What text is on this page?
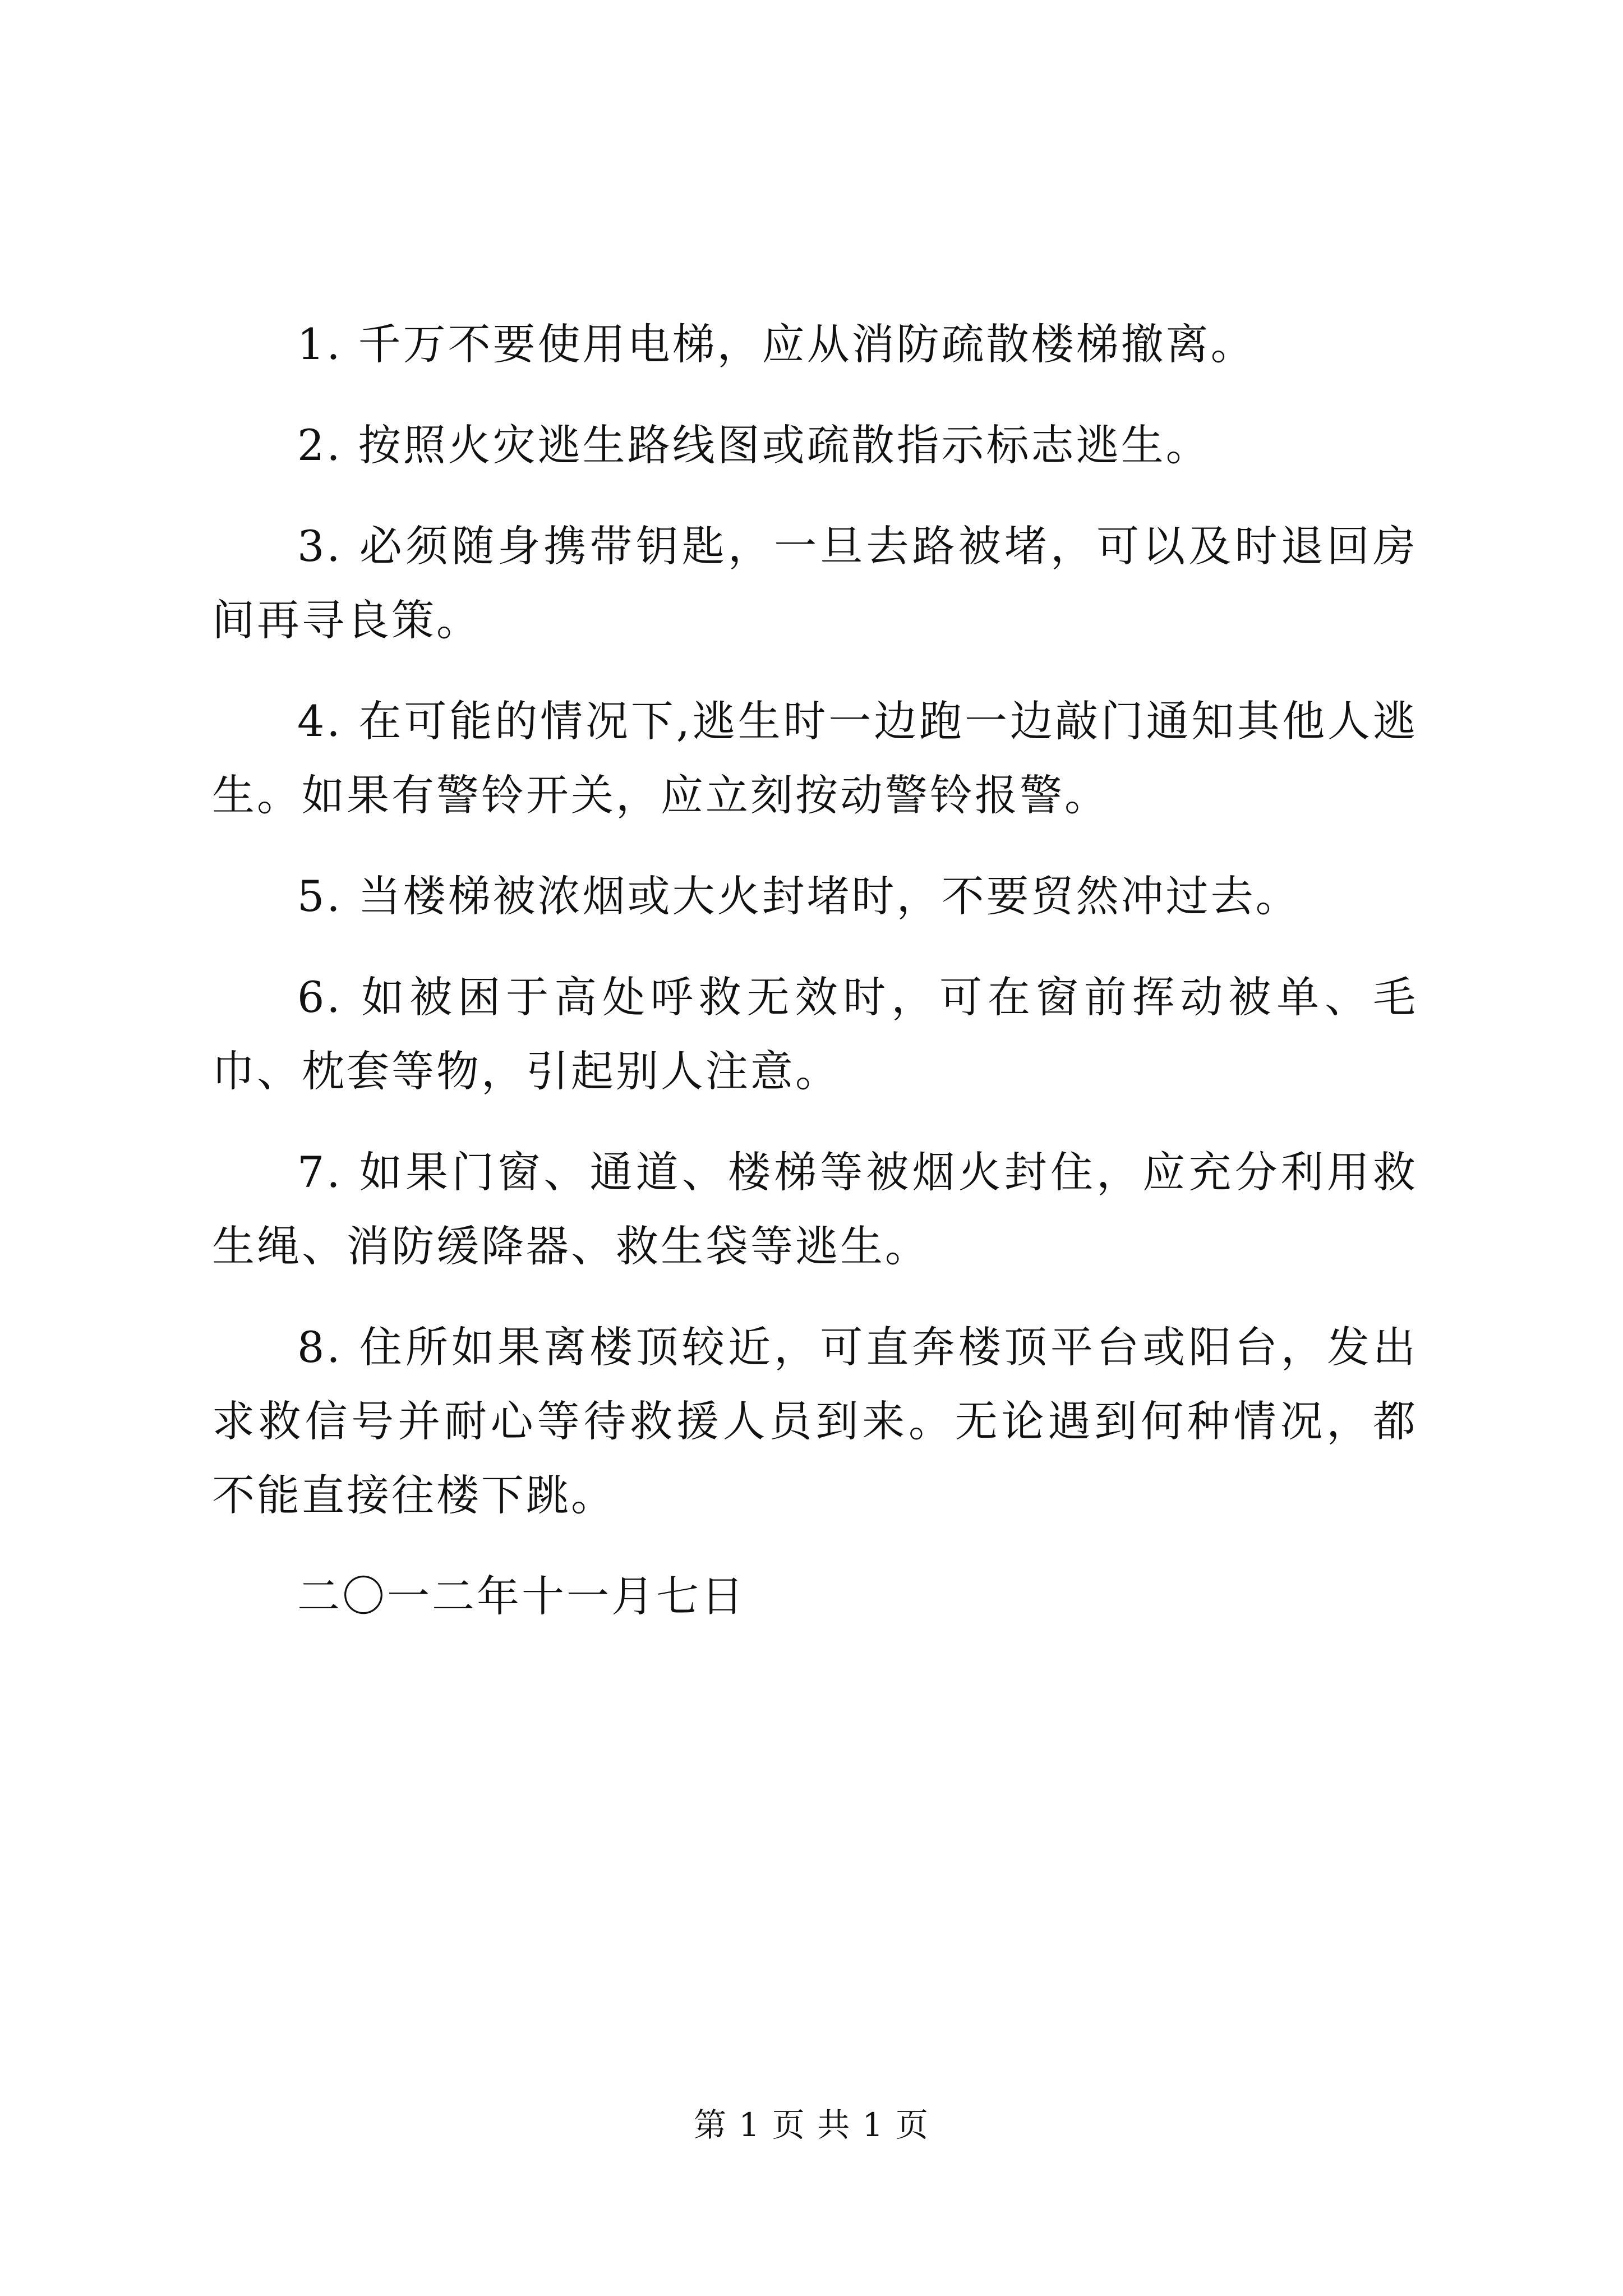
1. 千万不要使用电梯，应从消防疏散楼梯撤离。

2. 按照火灾逃生路线图或疏散指示标志逃生。

3. 必须随身携带钥匙，一旦去路被堵，可以及时退回房间再寻良策。

4. 在可能的情况下,逃生时一边跑一边敲门通知其他人逃生。如果有警铃开关，应立刻按动警铃报警。

5. 当楼梯被浓烟或大火封堵时，不要贸然冲过去。

6. 如被困于高处呼救无效时，可在窗前挥动被单、毛巾、枕套等物，引起别人注意。

7. 如果门窗、通道、楼梯等被烟火封住，应充分利用救生绳、消防缓降器、救生袋等逃生。

8. 住所如果离楼顶较近，可直奔楼顶平台或阳台，发出求救信号并耐心等待救援人员到来。无论遇到何种情况，都不能直接往楼下跳。

二〇一二年十一月七日

第 1 页 共 1 页
